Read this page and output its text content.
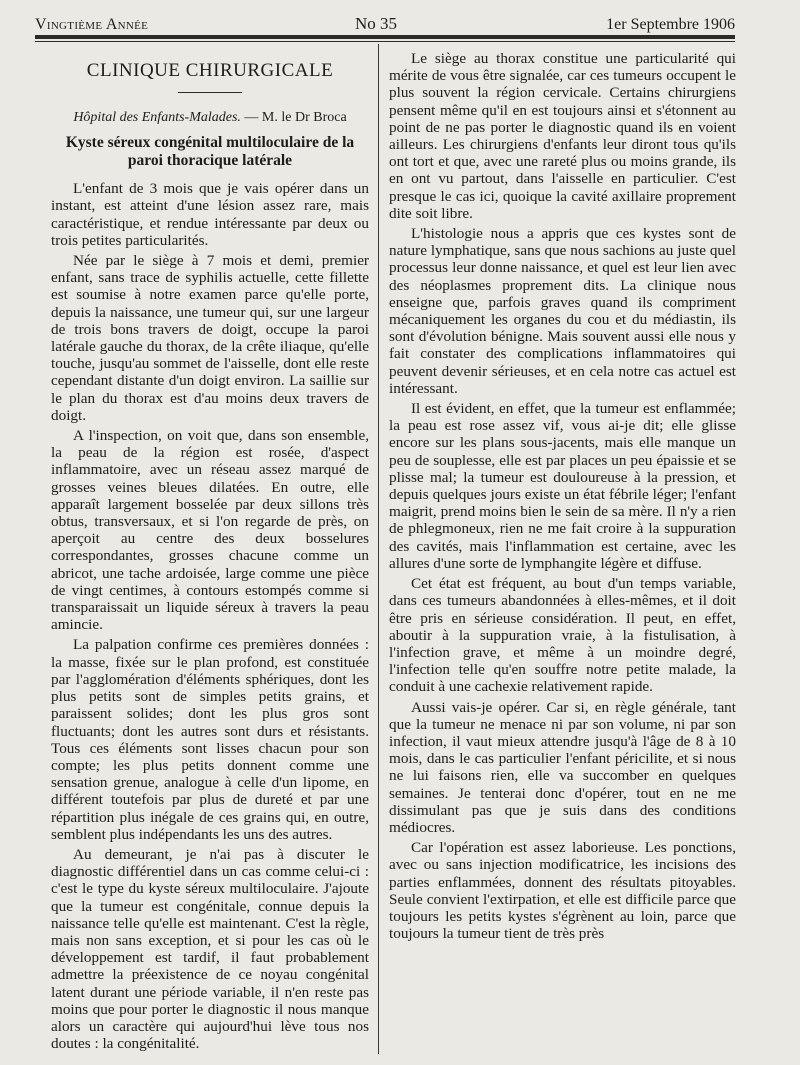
Vingtième Année	No 35	1er Septembre 1906
CLINIQUE CHIRURGICALE
Hôpital des Enfants-Malades. — M. le Dr Broca
Kyste séreux congénital multiloculaire de la paroi thoracique latérale

L'enfant de 3 mois que je vais opérer dans un instant, est atteint d'une lésion assez rare, mais caractéristique, et rendue intéressante par deux ou trois petites particularités.

Née par le siège à 7 mois et demi, premier enfant, sans trace de syphilis actuelle, cette fillette est soumise à notre examen parce qu'elle porte, depuis la naissance, une tumeur qui, sur une largeur de trois bons travers de doigt, occupe la paroi latérale gauche du thorax, de la crête iliaque, qu'elle touche, jusqu'au sommet de l'aisselle, dont elle reste cependant distante d'un doigt environ. La saillie sur le plan du thorax est d'au moins deux travers de doigt.

A l'inspection, on voit que, dans son ensemble, la peau de la région est rosée, d'aspect inflammatoire, avec un réseau assez marqué de grosses veines bleues dilatées. En outre, elle apparaît largement bosselée par deux sillons très obtus, transversaux, et si l'on regarde de près, on aperçoit au centre des deux bosselures correspondantes, grosses chacune comme un abricot, une tache ardoisée, large comme une pièce de vingt centimes, à contours estompés comme si transparaissait un liquide séreux à travers la peau amincie.

La palpation confirme ces premières données : la masse, fixée sur le plan profond, est constituée par l'agglomération d'éléments sphériques, dont les plus petits sont de simples petits grains, et paraissent solides; dont les plus gros sont fluctuants; dont les autres sont durs et résistants. Tous ces éléments sont lisses chacun pour son compte; les plus petits donnent comme une sensation grenue, analogue à celle d'un lipome, en différent toutefois par plus de dureté et par une répartition plus inégale de ces grains qui, en outre, semblent plus indépendants les uns des autres.

Au demeurant, je n'ai pas à discuter le diagnostic différentiel dans un cas comme celui-ci : c'est le type du kyste séreux multiloculaire. J'ajoute que la tumeur est congénitale, connue depuis la naissance telle qu'elle est maintenant. C'est la règle, mais non sans exception, et si pour les cas où le développement est tardif, il faut probablement admettre la préexistence de ce noyau congénital latent durant une période variable, il n'en reste pas moins que pour porter le diagnostic il nous manque alors un caractère qui aujourd'hui lève tous nos doutes : la congénitalité.

Le siège au thorax constitue une particularité qui mérite de vous être signalée, car ces tumeurs occupent le plus souvent la région cervicale. Certains chirurgiens pensent même qu'il en est toujours ainsi et s'étonnent au point de ne pas porter le diagnostic quand ils en voient ailleurs. Les chirurgiens d'enfants leur diront tous qu'ils ont tort et que, avec une rareté plus ou moins grande, ils en ont vu partout, dans l'aisselle en particulier. C'est presque le cas ici, quoique la cavité axillaire proprement dite soit libre.

L'histologie nous a appris que ces kystes sont de nature lymphatique, sans que nous sachions au juste quel processus leur donne naissance, et quel est leur lien avec des néoplasmes proprement dits. La clinique nous enseigne que, parfois graves quand ils compriment mécaniquement les organes du cou et du médiastin, ils sont d'évolution bénigne. Mais souvent aussi elle nous y fait constater des complications inflammatoires qui peuvent devenir sérieuses, et en cela notre cas actuel est intéressant.

Il est évident, en effet, que la tumeur est enflammée; la peau est rose assez vif, vous ai-je dit; elle glisse encore sur les plans sous-jacents, mais elle manque un peu de souplesse, elle est par places un peu épaissie et se plisse mal; la tumeur est douloureuse à la pression, et depuis quelques jours existe un état fébrile léger; l'enfant maigrit, prend moins bien le sein de sa mère. Il n'y a rien de phlegmoneux, rien ne me fait croire à la suppuration des cavités, mais l'inflammation est certaine, avec les allures d'une sorte de lymphangite légère et diffuse.

Cet état est fréquent, au bout d'un temps variable, dans ces tumeurs abandonnées à elles-mêmes, et il doit être pris en sérieuse considération. Il peut, en effet, aboutir à la suppuration vraie, à la fistulisation, à l'infection grave, et même à un moindre degré, l'infection telle qu'en souffre notre petite malade, la conduit à une cachexie relativement rapide.

Aussi vais-je opérer. Car si, en règle générale, tant que la tumeur ne menace ni par son volume, ni par son infection, il vaut mieux attendre jusqu'à l'âge de 8 à 10 mois, dans le cas particulier l'enfant péricilite, et si nous ne lui faisons rien, elle va succomber en quelques semaines. Je tenterai donc d'opérer, tout en ne me dissimulant pas que je suis dans des conditions médiocres.

Car l'opération est assez laborieuse. Les ponctions, avec ou sans injection modificatrice, les incisions des parties enflammées, donnent des résultats pitoyables. Seule convient l'extirpation, et elle est difficile parce que toujours les petits kystes s'égrènent au loin, parce que toujours la tumeur tient de très près
